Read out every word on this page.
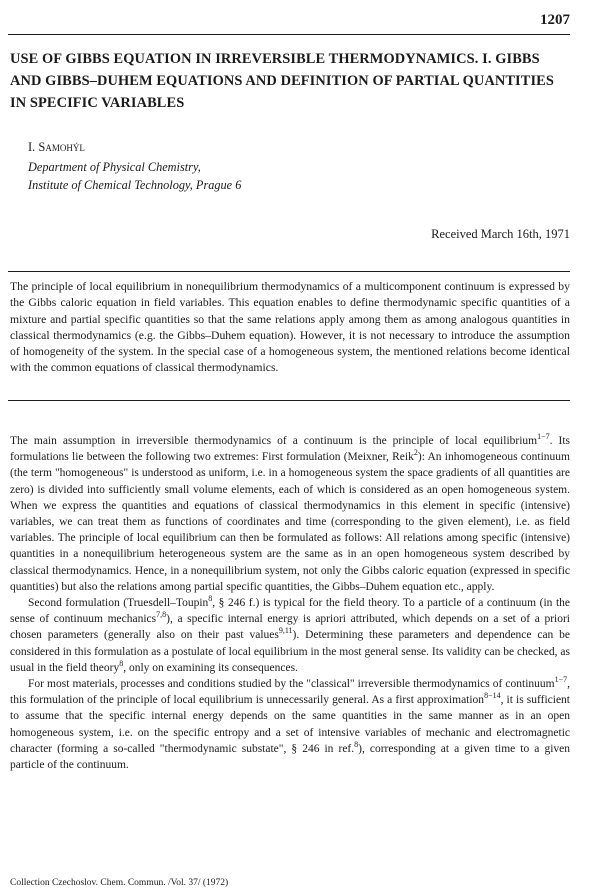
1207
USE OF GIBBS EQUATION IN IRREVERSIBLE THERMODYNAMICS. I. GIBBS AND GIBBS–DUHEM EQUATIONS AND DEFINITION OF PARTIAL QUANTITIES IN SPECIFIC VARIABLES

I. Samohýl

Department of Physical Chemistry,
Institute of Chemical Technology, Prague 6

Received March 16th, 1971

The principle of local equilibrium in nonequilibrium thermodynamics of a multicomponent continuum is expressed by the Gibbs caloric equation in field variables. This equation enables to define thermodynamic specific quantities of a mixture and partial specific quantities so that the same relations apply among them as among analogous quantities in classical thermodynamics (e.g. the Gibbs–Duhem equation). However, it is not necessary to introduce the assumption of homogeneity of the system. In the special case of a homogeneous system, the mentioned relations become identical with the common equations of classical thermodynamics.

The main assumption in irreversible thermodynamics of a continuum is the principle of local equilibrium$^{1-7}$. Its formulations lie between the following two extremes: First formulation (Meixner, Reik$^2$): An inhomogeneous continuum (the term "homogeneous" is understood as uniform, i.e. in a homogeneous system the space gradients of all quantities are zero) is divided into sufficiently small volume elements, each of which is considered as an open homogeneous system. When we express the quantities and equations of classical thermodynamics in this element in specific (intensive) variables, we can treat them as functions of coordinates and time (corresponding to the given element), i.e. as field variables. The principle of local equilibrium can then be formulated as follows: All relations among specific (intensive) quantities in a nonequilibrium heterogeneous system are the same as in an open homogeneous system described by classical thermodynamics. Hence, in a nonequilibrium system, not only the Gibbs caloric equation (expressed in specific quantities) but also the relations among partial specific quantities, the Gibbs–Duhem equation etc., apply.

Second formulation (Truesdell–Toupin$^8$, § 246 f.) is typical for the field theory. To a particle of a continuum (in the sense of continuum mechanics$^{7,8}$), a specific internal energy is apriori attributed, which depends on a set of a priori chosen parameters (generally also on their past values$^{9,11}$). Determining these parameters and dependence can be considered in this formulation as a postulate of local equilibrium in the most general sense. Its validity can be checked, as usual in the field theory$^8$, only on examining its consequences.

For most materials, processes and conditions studied by the "classical" irreversible thermodynamics of continuum$^{1-7}$, this formulation of the principle of local equilibrium is unnecessarily general. As a first approximation$^{8-14}$, it is sufficient to assume that the specific internal energy depends on the same quantities in the same manner as in an open homogeneous system, i.e. on the specific entropy and a set of intensive variables of mechanic and electromagnetic character (forming a so-called "thermodynamic substate", § 246 in ref.$^8$), corresponding at a given time to a given particle of the continuum.

Collection Czechoslov. Chem. Commun. /Vol. 37/ (1972)
